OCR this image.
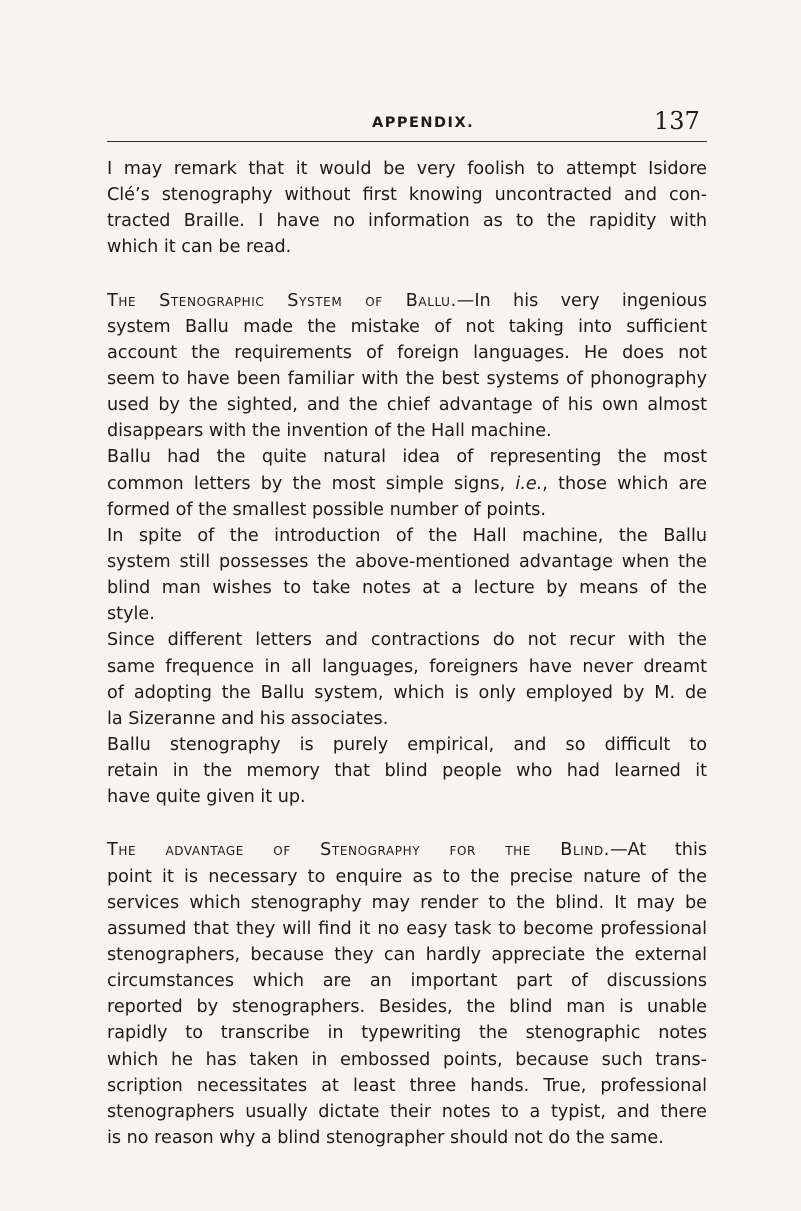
APPENDIX.	137
I may remark that it would be very foolish to attempt Isidore
Clé’s stenography without first knowing uncontracted and con-
tracted Braille. I have no information as to the rapidity with
which it can be read.
The Stenographic System of Ballu.—In his very ingenious
system Ballu made the mistake of not taking into sufficient
account the requirements of foreign languages. He does not
seem to have been familiar with the best systems of phonography
used by the sighted, and the chief advantage of his own almost
disappears with the invention of the Hall machine.
Ballu had the quite natural idea of representing the most
common letters by the most simple signs, i.e., those which are
formed of the smallest possible number of points.
In spite of the introduction of the Hall machine, the Ballu
system still possesses the above-mentioned advantage when the
blind man wishes to take notes at a lecture by means of the
style.
Since different letters and contractions do not recur with the
same frequence in all languages, foreigners have never dreamt
of adopting the Ballu system, which is only employed by M. de
la Sizeranne and his associates.
Ballu stenography is purely empirical, and so difficult to
retain in the memory that blind people who had learned it
have quite given it up.
The advantage of Stenography for the Blind.—At this
point it is necessary to enquire as to the precise nature of the
services which stenography may render to the blind. It may be
assumed that they will find it no easy task to become professional
stenographers, because they can hardly appreciate the external
circumstances which are an important part of discussions
reported by stenographers. Besides, the blind man is unable
rapidly to transcribe in typewriting the stenographic notes
which he has taken in embossed points, because such trans-
scription necessitates at least three hands. True, professional
stenographers usually dictate their notes to a typist, and there
is no reason why a blind stenographer should not do the same.
